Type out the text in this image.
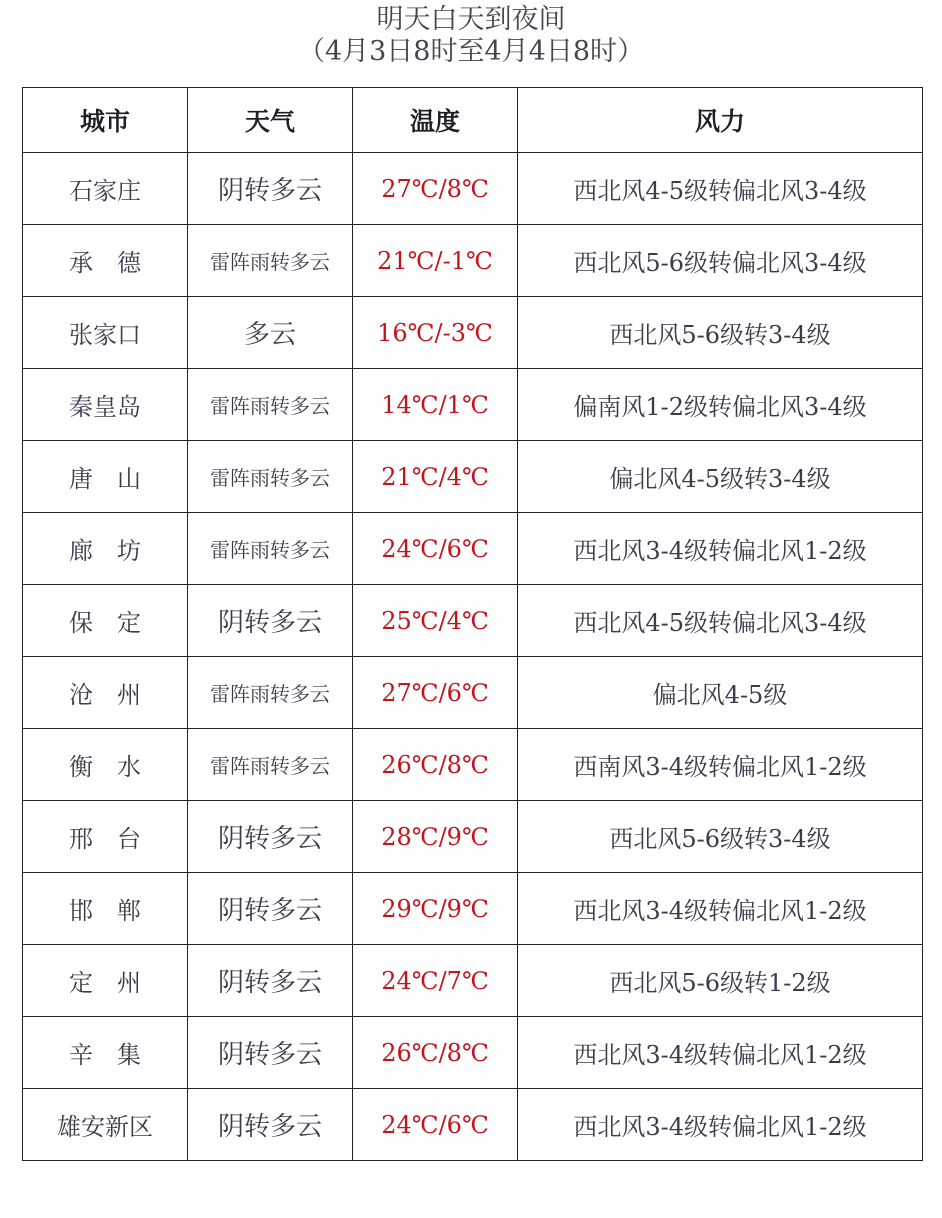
明天白天到夜间
（4月3日8时至4月4日8时）
城市	天气	温度	风力
石家庄	阴转多云	27℃/8℃	西北风4-5级转偏北风3-4级
承德	雷阵雨转多云	21℃/-1℃	西北风5-6级转偏北风3-4级
张家口	多云	16℃/-3℃	西北风5-6级转3-4级
秦皇岛	雷阵雨转多云	14℃/1℃	偏南风1-2级转偏北风3-4级
唐山	雷阵雨转多云	21℃/4℃	偏北风4-5级转3-4级
廊坊	雷阵雨转多云	24℃/6℃	西北风3-4级转偏北风1-2级
保定	阴转多云	25℃/4℃	西北风4-5级转偏北风3-4级
沧州	雷阵雨转多云	27℃/6℃	偏北风4-5级
衡水	雷阵雨转多云	26℃/8℃	西南风3-4级转偏北风1-2级
邢台	阴转多云	28℃/9℃	西北风5-6级转3-4级
邯郸	阴转多云	29℃/9℃	西北风3-4级转偏北风1-2级
定州	阴转多云	24℃/7℃	西北风5-6级转1-2级
辛集	阴转多云	26℃/8℃	西北风3-4级转偏北风1-2级
雄安新区	阴转多云	24℃/6℃	西北风3-4级转偏北风1-2级
